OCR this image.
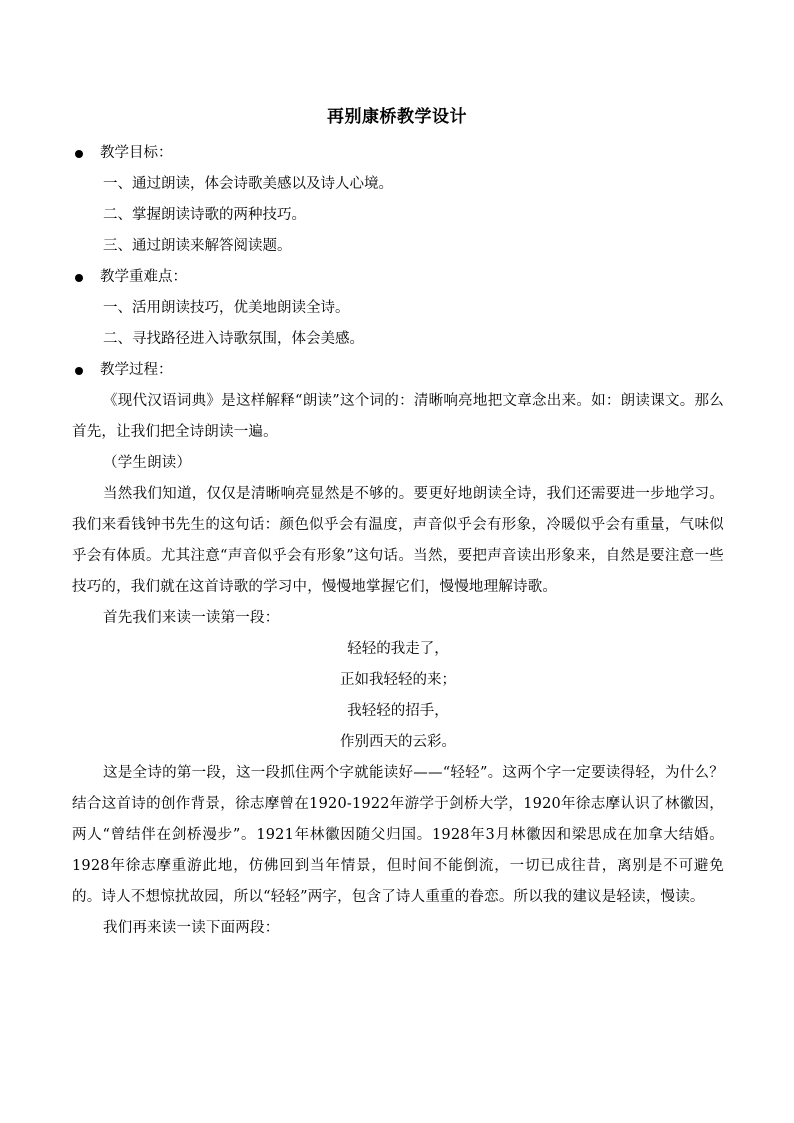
再别康桥教学设计
教学目标：
一、通过朗读，体会诗歌美感以及诗人心境。
二、掌握朗读诗歌的两种技巧。
三、通过朗读来解答阅读题。
教学重难点：
一、活用朗读技巧，优美地朗读全诗。
二、寻找路径进入诗歌氛围，体会美感。
教学过程：
《现代汉语词典》是这样解释“朗读”这个词的：清晰响亮地把文章念出来。如：朗读课文。那么首先，让我们把全诗朗读一遍。
（学生朗读）
当然我们知道，仅仅是清晰响亮显然是不够的。要更好地朗读全诗，我们还需要进一步地学习。我们来看钱钟书先生的这句话：颜色似乎会有温度，声音似乎会有形象，冷暖似乎会有重量，气味似乎会有体质。尤其注意“声音似乎会有形象”这句话。当然，要把声音读出形象来，自然是要注意一些技巧的，我们就在这首诗歌的学习中，慢慢地掌握它们，慢慢地理解诗歌。
首先我们来读一读第一段：
轻轻的我走了，
正如我轻轻的来；
我轻轻的招手，
作别西天的云彩。
这是全诗的第一段，这一段抓住两个字就能读好——“轻轻”。这两个字一定要读得轻，为什么？结合这首诗的创作背景，徐志摩曾在1920-1922年游学于剑桥大学，1920年徐志摩认识了林徽因，两人“曾结伴在剑桥漫步”。1921年林徽因随父归国。1928年3月林徽因和梁思成在加拿大结婚。1928年徐志摩重游此地，仿佛回到当年情景，但时间不能倒流，一切已成往昔，离别是不可避免的。诗人不想惊扰故园，所以“轻轻”两字，包含了诗人重重的眷恋。所以我的建议是轻读，慢读。
我们再来读一读下面两段：
